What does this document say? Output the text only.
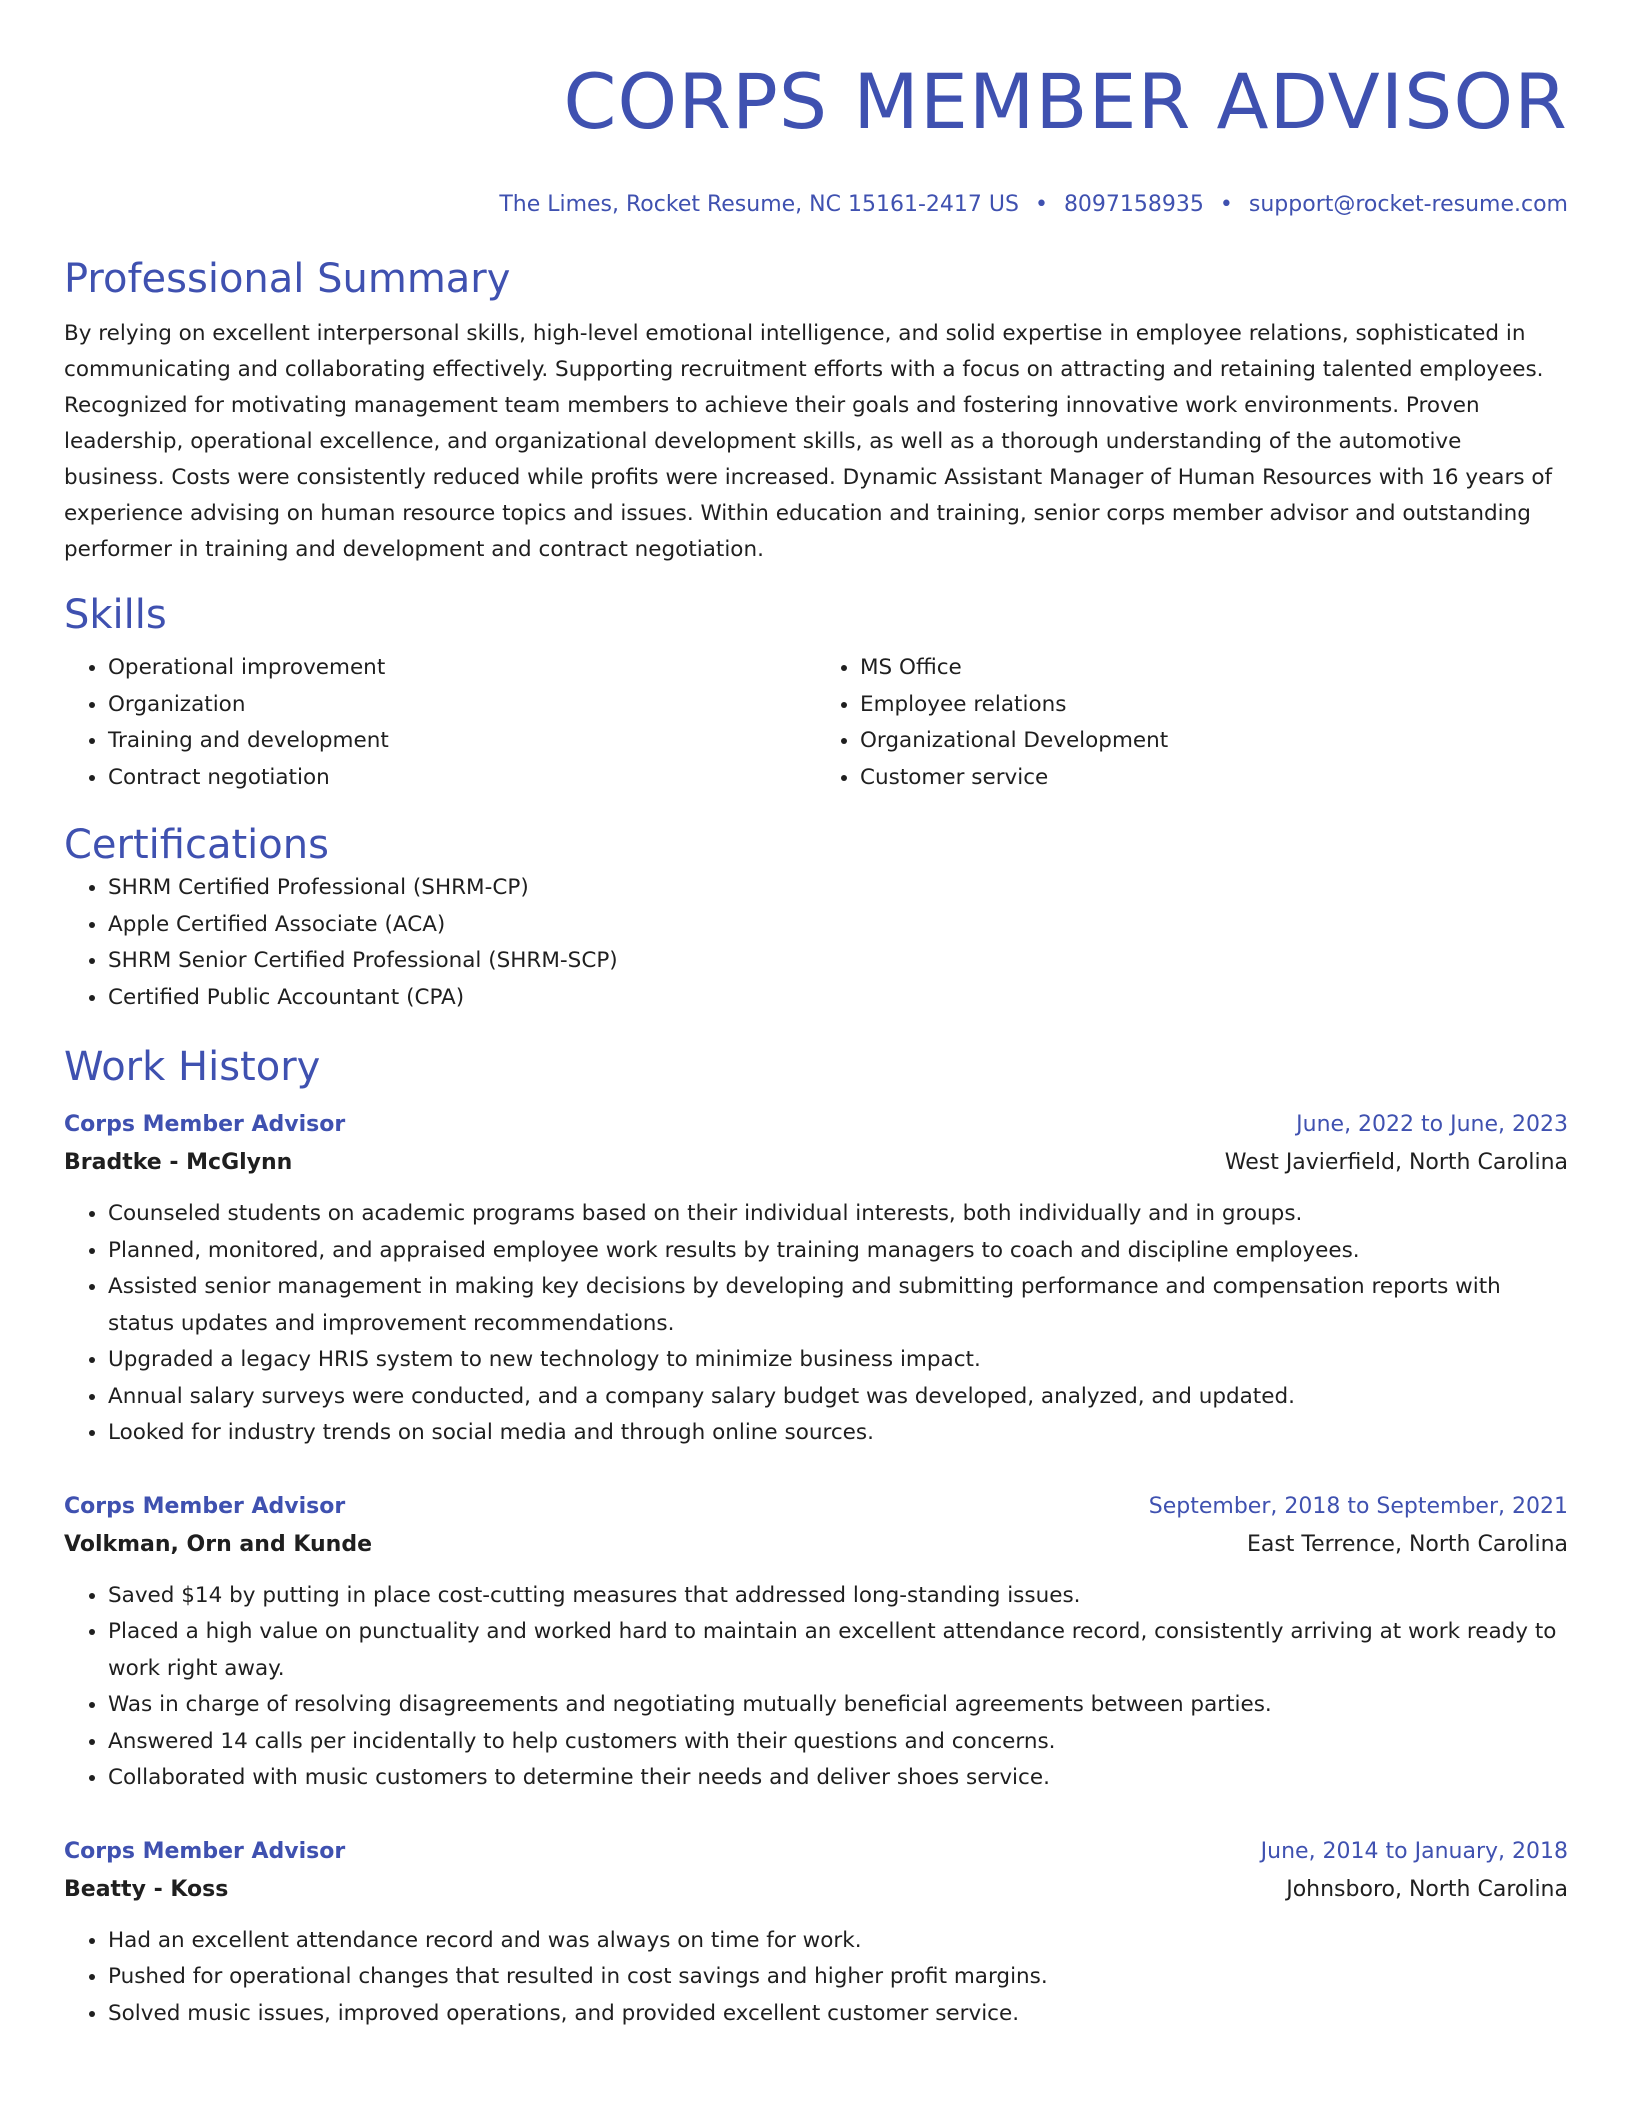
CORPS MEMBER ADVISOR
The Limes, Rocket Resume, NC 15161-2417 US • 8097158935 • support@rocket-resume.com
Professional Summary
By relying on excellent interpersonal skills, high-level emotional intelligence, and solid expertise in employee relations, sophisticated in communicating and collaborating effectively. Supporting recruitment efforts with a focus on attracting and retaining talented employees. Recognized for motivating management team members to achieve their goals and fostering innovative work environments. Proven leadership, operational excellence, and organizational development skills, as well as a thorough understanding of the automotive business. Costs were consistently reduced while profits were increased. Dynamic Assistant Manager of Human Resources with 16 years of experience advising on human resource topics and issues. Within education and training, senior corps member advisor and outstanding performer in training and development and contract negotiation.
Skills
• Operational improvement
• Organization
• Training and development
• Contract negotiation
• MS Office
• Employee relations
• Organizational Development
• Customer service
Certifications
• SHRM Certified Professional (SHRM-CP)
• Apple Certified Associate (ACA)
• SHRM Senior Certified Professional (SHRM-SCP)
• Certified Public Accountant (CPA)
Work History
Corps Member Advisor	June, 2022 to June, 2023
Bradtke - McGlynn	West Javierfield, North Carolina
• Counseled students on academic programs based on their individual interests, both individually and in groups.
• Planned, monitored, and appraised employee work results by training managers to coach and discipline employees.
• Assisted senior management in making key decisions by developing and submitting performance and compensation reports with status updates and improvement recommendations.
• Upgraded a legacy HRIS system to new technology to minimize business impact.
• Annual salary surveys were conducted, and a company salary budget was developed, analyzed, and updated.
• Looked for industry trends on social media and through online sources.
Corps Member Advisor	September, 2018 to September, 2021
Volkman, Orn and Kunde	East Terrence, North Carolina
• Saved $14 by putting in place cost-cutting measures that addressed long-standing issues.
• Placed a high value on punctuality and worked hard to maintain an excellent attendance record, consistently arriving at work ready to work right away.
• Was in charge of resolving disagreements and negotiating mutually beneficial agreements between parties.
• Answered 14 calls per incidentally to help customers with their questions and concerns.
• Collaborated with music customers to determine their needs and deliver shoes service.
Corps Member Advisor	June, 2014 to January, 2018
Beatty - Koss	Johnsboro, North Carolina
• Had an excellent attendance record and was always on time for work.
• Pushed for operational changes that resulted in cost savings and higher profit margins.
• Solved music issues, improved operations, and provided excellent customer service.
